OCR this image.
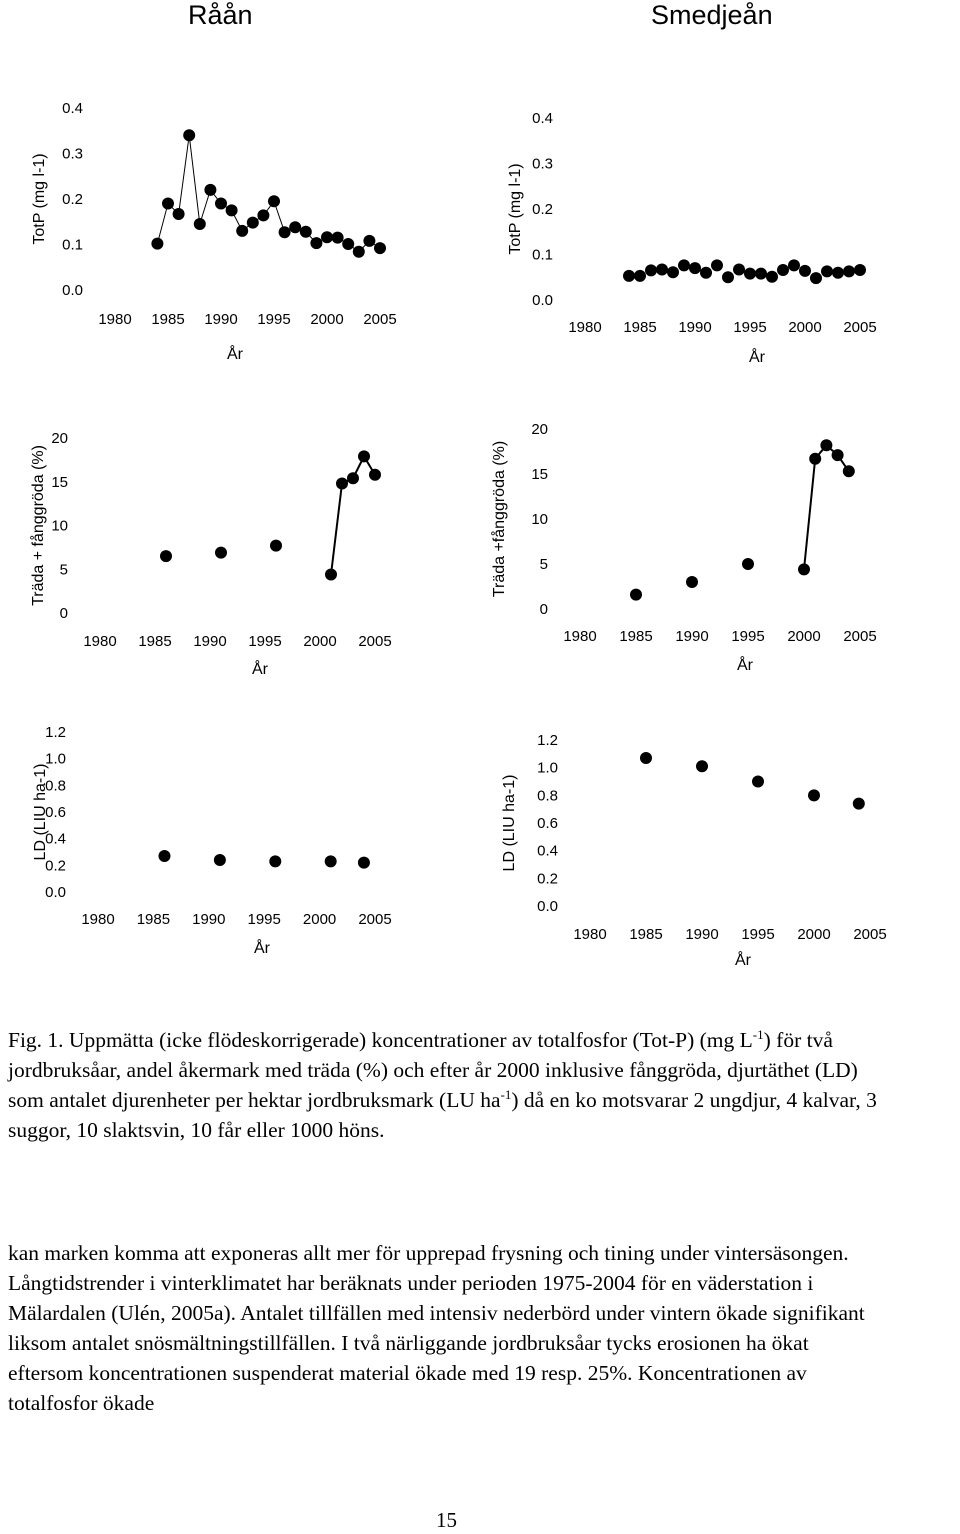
Råån	Smedjeån
0.0
0.1
0.2
0.3
0.4
1980 1985 1990 1995 2000 2005
År
TotP (mg l-1)
0.0
0.1
0.2
0.3
0.4
1980 1985 1990 1995 2000 2005
År
TotP (mg l-1)
0
5
10
15
20
1980 1985 1990 1995 2000 2005
År
Träda + fånggröda (%)
0
5
10
15
20
1980 1985 1990 1995 2000 2005
År
Träda +fånggröda (%)
0.0
0.2
0.4
0.6
0.8
1.0
1.2
1980 1985 1990 1995 2000 2005
År
LD (LIU ha-1)
0.0
0.2
0.4
0.6
0.8
1.0
1.2
1980 1985 1990 1995 2000 2005
År
LD (LIU ha-1)

Fig. 1. Uppmätta (icke flödeskorrigerade) koncentrationer av totalfosfor (Tot-P) (mg $L^{-1}$) för två jordbruksåar, andel åkermark med träda (%) och efter år 2000 inklusive fånggröda, djurtäthet (LD) som antalet djurenheter per hektar jordbruksmark (LU $ha^{-1}$) då en ko motsvarar 2 ungdjur, 4 kalvar, 3 suggor, 10 slaktsvin, 10 får eller 1000 höns.

kan marken komma att exponeras allt mer för upprepad frysning och tining under vintersäsongen. Långtidstrender i vinterklimatet har beräknats under perioden 1975-2004 för en väderstation i Mälardalen (Ulén, 2005a). Antalet tillfällen med intensiv nederbörd under vintern ökade signifikant liksom antalet snösmältningstillfällen. I två närliggande jordbruksåar tycks erosionen ha ökat eftersom koncentrationen suspenderat material ökade med 19 resp. 25%. Koncentrationen av totalfosfor ökade

15
